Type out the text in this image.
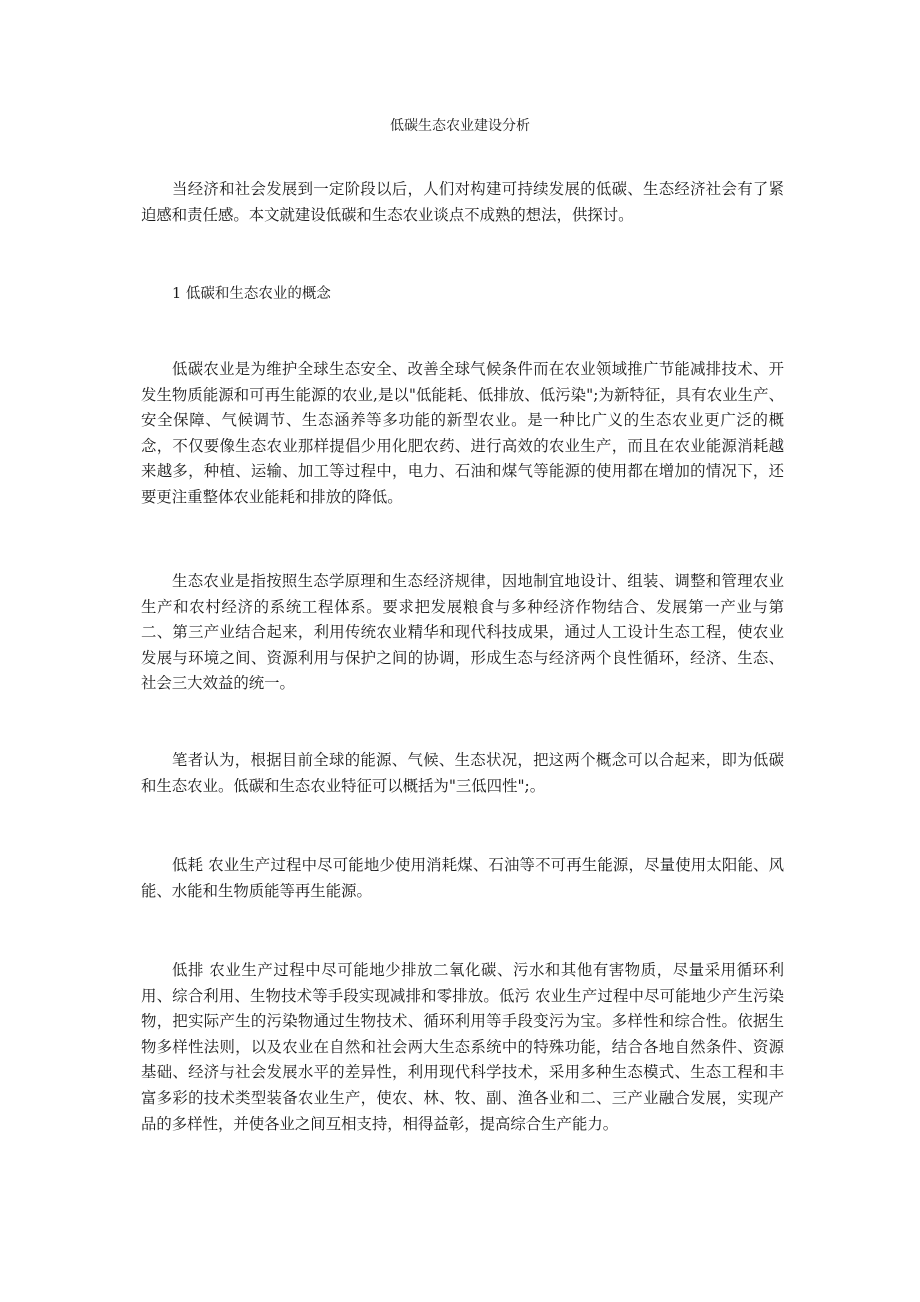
低碳生态农业建设分析

当经济和社会发展到一定阶段以后，人们对构建可持续发展的低碳、生态经济社会有了紧迫感和责任感。本文就建设低碳和生态农业谈点不成熟的想法，供探讨。

1 低碳和生态农业的概念

低碳农业是为维护全球生态安全、改善全球气候条件而在农业领域推广节能减排技术、开发生物质能源和可再生能源的农业,是以"低能耗、低排放、低污染";为新特征，具有农业生产、安全保障、气候调节、生态涵养等多功能的新型农业。是一种比广义的生态农业更广泛的概念，不仅要像生态农业那样提倡少用化肥农药、进行高效的农业生产，而且在农业能源消耗越来越多，种植、运输、加工等过程中，电力、石油和煤气等能源的使用都在增加的情况下，还要更注重整体农业能耗和排放的降低。

生态农业是指按照生态学原理和生态经济规律，因地制宜地设计、组装、调整和管理农业生产和农村经济的系统工程体系。要求把发展粮食与多种经济作物结合、发展第一产业与第二、第三产业结合起来，利用传统农业精华和现代科技成果，通过人工设计生态工程，使农业发展与环境之间、资源利用与保护之间的协调，形成生态与经济两个良性循环，经济、生态、社会三大效益的统一。

笔者认为，根据目前全球的能源、气候、生态状况，把这两个概念可以合起来，即为低碳和生态农业。低碳和生态农业特征可以概括为"三低四性";。

低耗 农业生产过程中尽可能地少使用消耗煤、石油等不可再生能源，尽量使用太阳能、风能、水能和生物质能等再生能源。

低排 农业生产过程中尽可能地少排放二氧化碳、污水和其他有害物质，尽量采用循环利用、综合利用、生物技术等手段实现减排和零排放。低污 农业生产过程中尽可能地少产生污染物，把实际产生的污染物通过生物技术、循环利用等手段变污为宝。多样性和综合性。依据生物多样性法则，以及农业在自然和社会两大生态系统中的特殊功能，结合各地自然条件、资源基础、经济与社会发展水平的差异性，利用现代科学技术，采用多种生态模式、生态工程和丰富多彩的技术类型装备农业生产，使农、林、牧、副、渔各业和二、三产业融合发展，实现产品的多样性，并使各业之间互相支持，相得益彰，提高综合生产能力。
